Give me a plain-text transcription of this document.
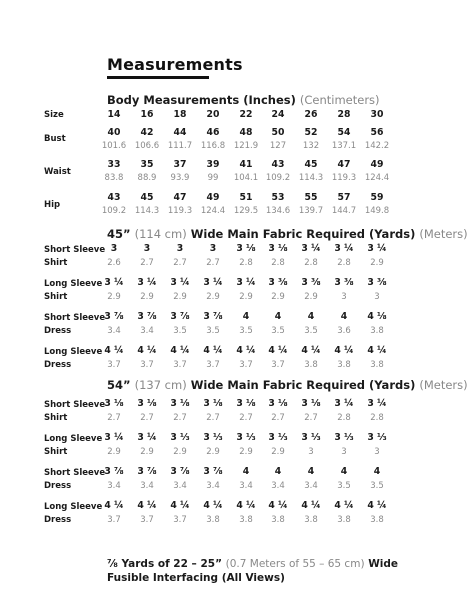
Measurements
Body Measurements (Inches) (Centimeters)
45” (114 cm) Wide Main Fabric Required (Yards) (Meters)
54” (137 cm) Wide Main Fabric Required (Yards) (Meters)
Size	14	16	18	20	22	24	26	28	30
Bust
40	42	44	46	48	50	52	54	56
101.6	106.6	111.7	116.8	121.9	127	132	137.1	142.2
Waist
33	35	37	39	41	43	45	47	49
83.8	88.9	93.9	99	104.1 109.2	114.3	119.3	124.4
Hip
43	45	47	49	51	53	55	57	59
109.2	114.3	119.3	124.4	129.5 134.6	139.7	144.7	149.8
Short Sleeve Shirt
3	3	3	3	3 ⅛	3 ⅛	3 ¼	3 ¼	3 ¼
2.6	2.7	2.7	2.7	2.8	2.8	2.8	2.8	2.9
Long Sleeve Shirt
3 ¼	3 ¼	3 ¼	3 ¼	3 ¼	3 ⅜	3 ⅜	3 ⅜	3 ⅜
2.9	2.9	2.9	2.9	2.9	2.9	2.9	3	3
Short Sleeve Dress
3 ⅞	3 ⅞	3 ⅞	3 ⅞	4	4	4	4	4 ⅛
3.4	3.4	3.5	3.5	3.5	3.5	3.5	3.6	3.8
Long Sleeve Dress
4 ¼	4 ¼	4 ¼	4 ¼	4 ¼	4 ¼	4 ¼	4 ¼	4 ¼
3.7	3.7	3.7	3.7	3.7	3.7	3.8	3.8	3.8
Short Sleeve Shirt
3 ⅛	3 ⅛	3 ⅛	3 ⅛	3 ⅛	3 ⅛	3 ⅛	3 ¼	3 ¼
2.7	2.7	2.7	2.7	2.7	2.7	2.7	2.8	2.8
Long Sleeve Shirt
3 ¼	3 ¼	3 ⅓	3 ⅓	3 ⅓	3 ⅓	3 ⅓	3 ⅓	3 ⅓
2.9	2.9	2.9	2.9	2.9	2.9	3	3	3
Short Sleeve Dress
3 ⅞	3 ⅞	3 ⅞	3 ⅞	4	4	4	4	4
3.4	3.4	3.4	3.4	3.4	3.4	3.4	3.5	3.5
Long Sleeve Dress
4 ¼	4 ¼	4 ¼	4 ¼	4 ¼	4 ¼	4 ¼	4 ¼	4 ¼
3.7	3.7	3.7	3.8	3.8	3.8	3.8	3.8	3.8
⅞ Yards of 22 – 25” (0.7 Meters of 55 – 65 cm) Wide Fusible Interfacing (All Views)
